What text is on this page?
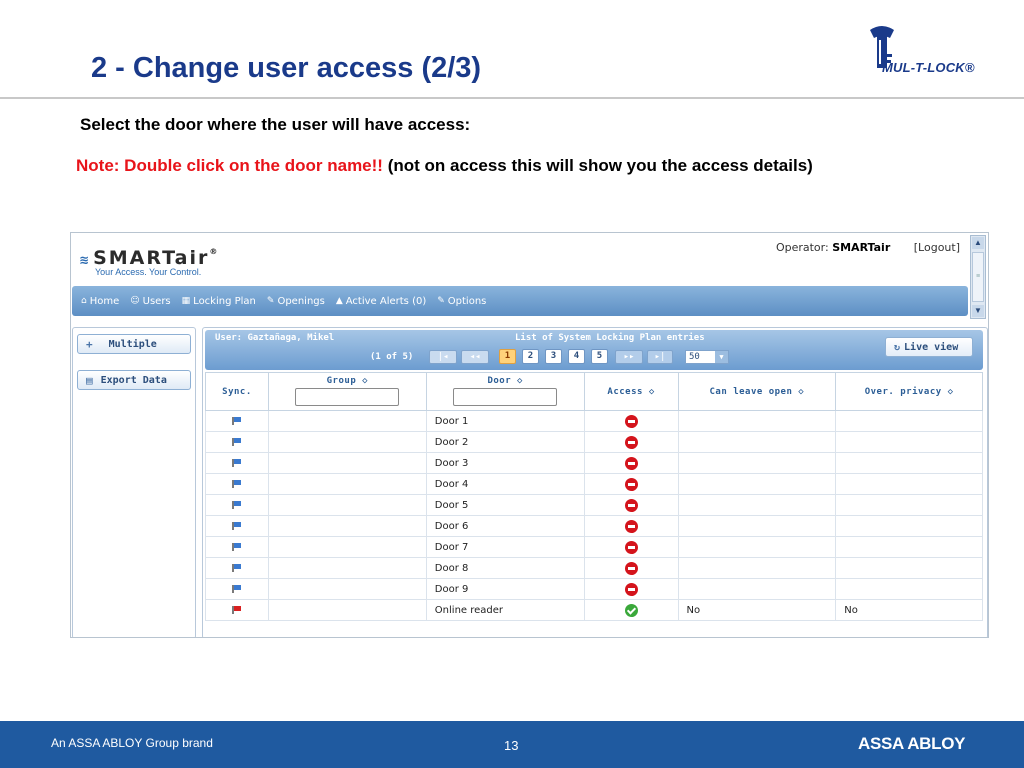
2 - Change user access (2/3)	MUL-T-LOCK®
Select the door where the user will have access:
Note: Double click on the door name!! (not on access this will show you the access details)
≋ SMARTair®
Your Access. Your Control.
Operator: SMARTair [Logout] ▲
≡
▼
⌂ Home ☺ Users ▦ Locking Plan ✎ Openings ▲ Active Alerts (0) ✎ Options
+ Multiple
▤ Export Data
User: Gaztañaga, Mikel	List of System Locking Plan entries
(1 of 5)	|◂	◂◂	1	2	3	4	5	▸▸	▸|	50	▼
↻ Live view
Sync.	Group ◇	Door ◇	Access ◇	Can leave open ◇	Over. privacy ◇
		Door 1			
		Door 2			
		Door 3			
		Door 4			
		Door 5			
		Door 6			
		Door 7			
		Door 8			
		Door 9			
		Online reader		No	No
An ASSA ABLOY Group brand	13	ASSA ABLOY
